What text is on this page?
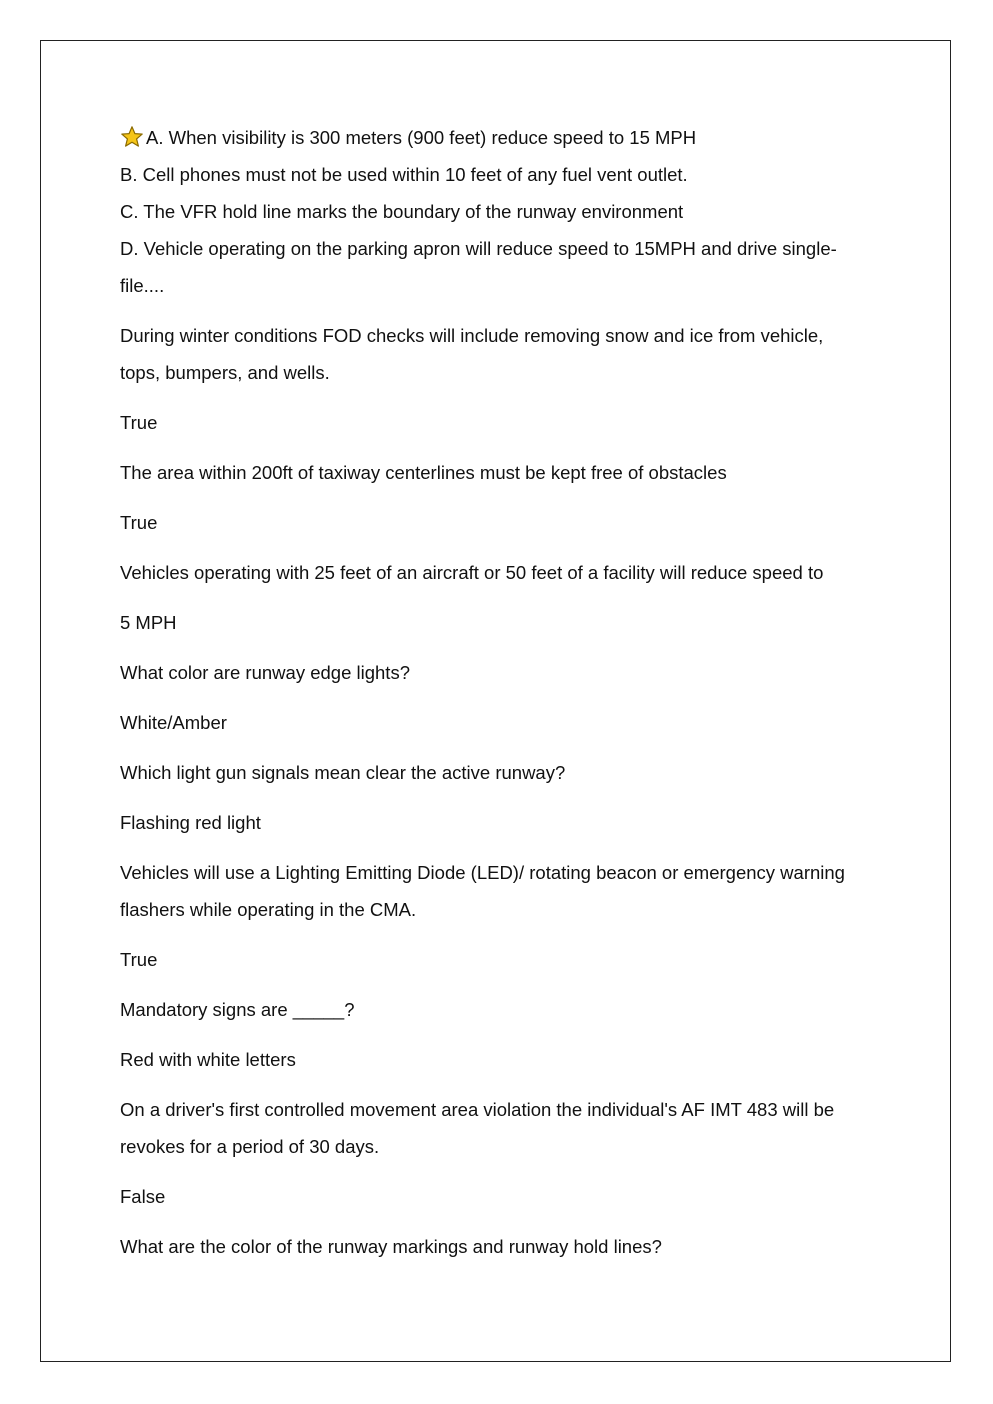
A. When visibility is 300 meters (900 feet) reduce speed to 15 MPH

B. Cell phones must not be used within 10 feet of any fuel vent outlet.

C. The VFR hold line marks the boundary of the runway environment

D. Vehicle operating on the parking apron will reduce speed to 15MPH and drive single-

file....

During winter conditions FOD checks will include removing snow and ice from vehicle,

tops, bumpers, and wells.

True

The area within 200ft of taxiway centerlines must be kept free of obstacles

True

Vehicles operating with 25 feet of an aircraft or 50 feet of a facility will reduce speed to

5 MPH

What color are runway edge lights?

White/Amber

Which light gun signals mean clear the active runway?

Flashing red light

Vehicles will use a Lighting Emitting Diode (LED)/ rotating beacon or emergency warning

flashers while operating in the CMA.

True

Mandatory signs are _____?

Red with white letters

On a driver's first controlled movement area violation the individual's AF IMT 483 will be

revokes for a period of 30 days.

False

What are the color of the runway markings and runway hold lines?
